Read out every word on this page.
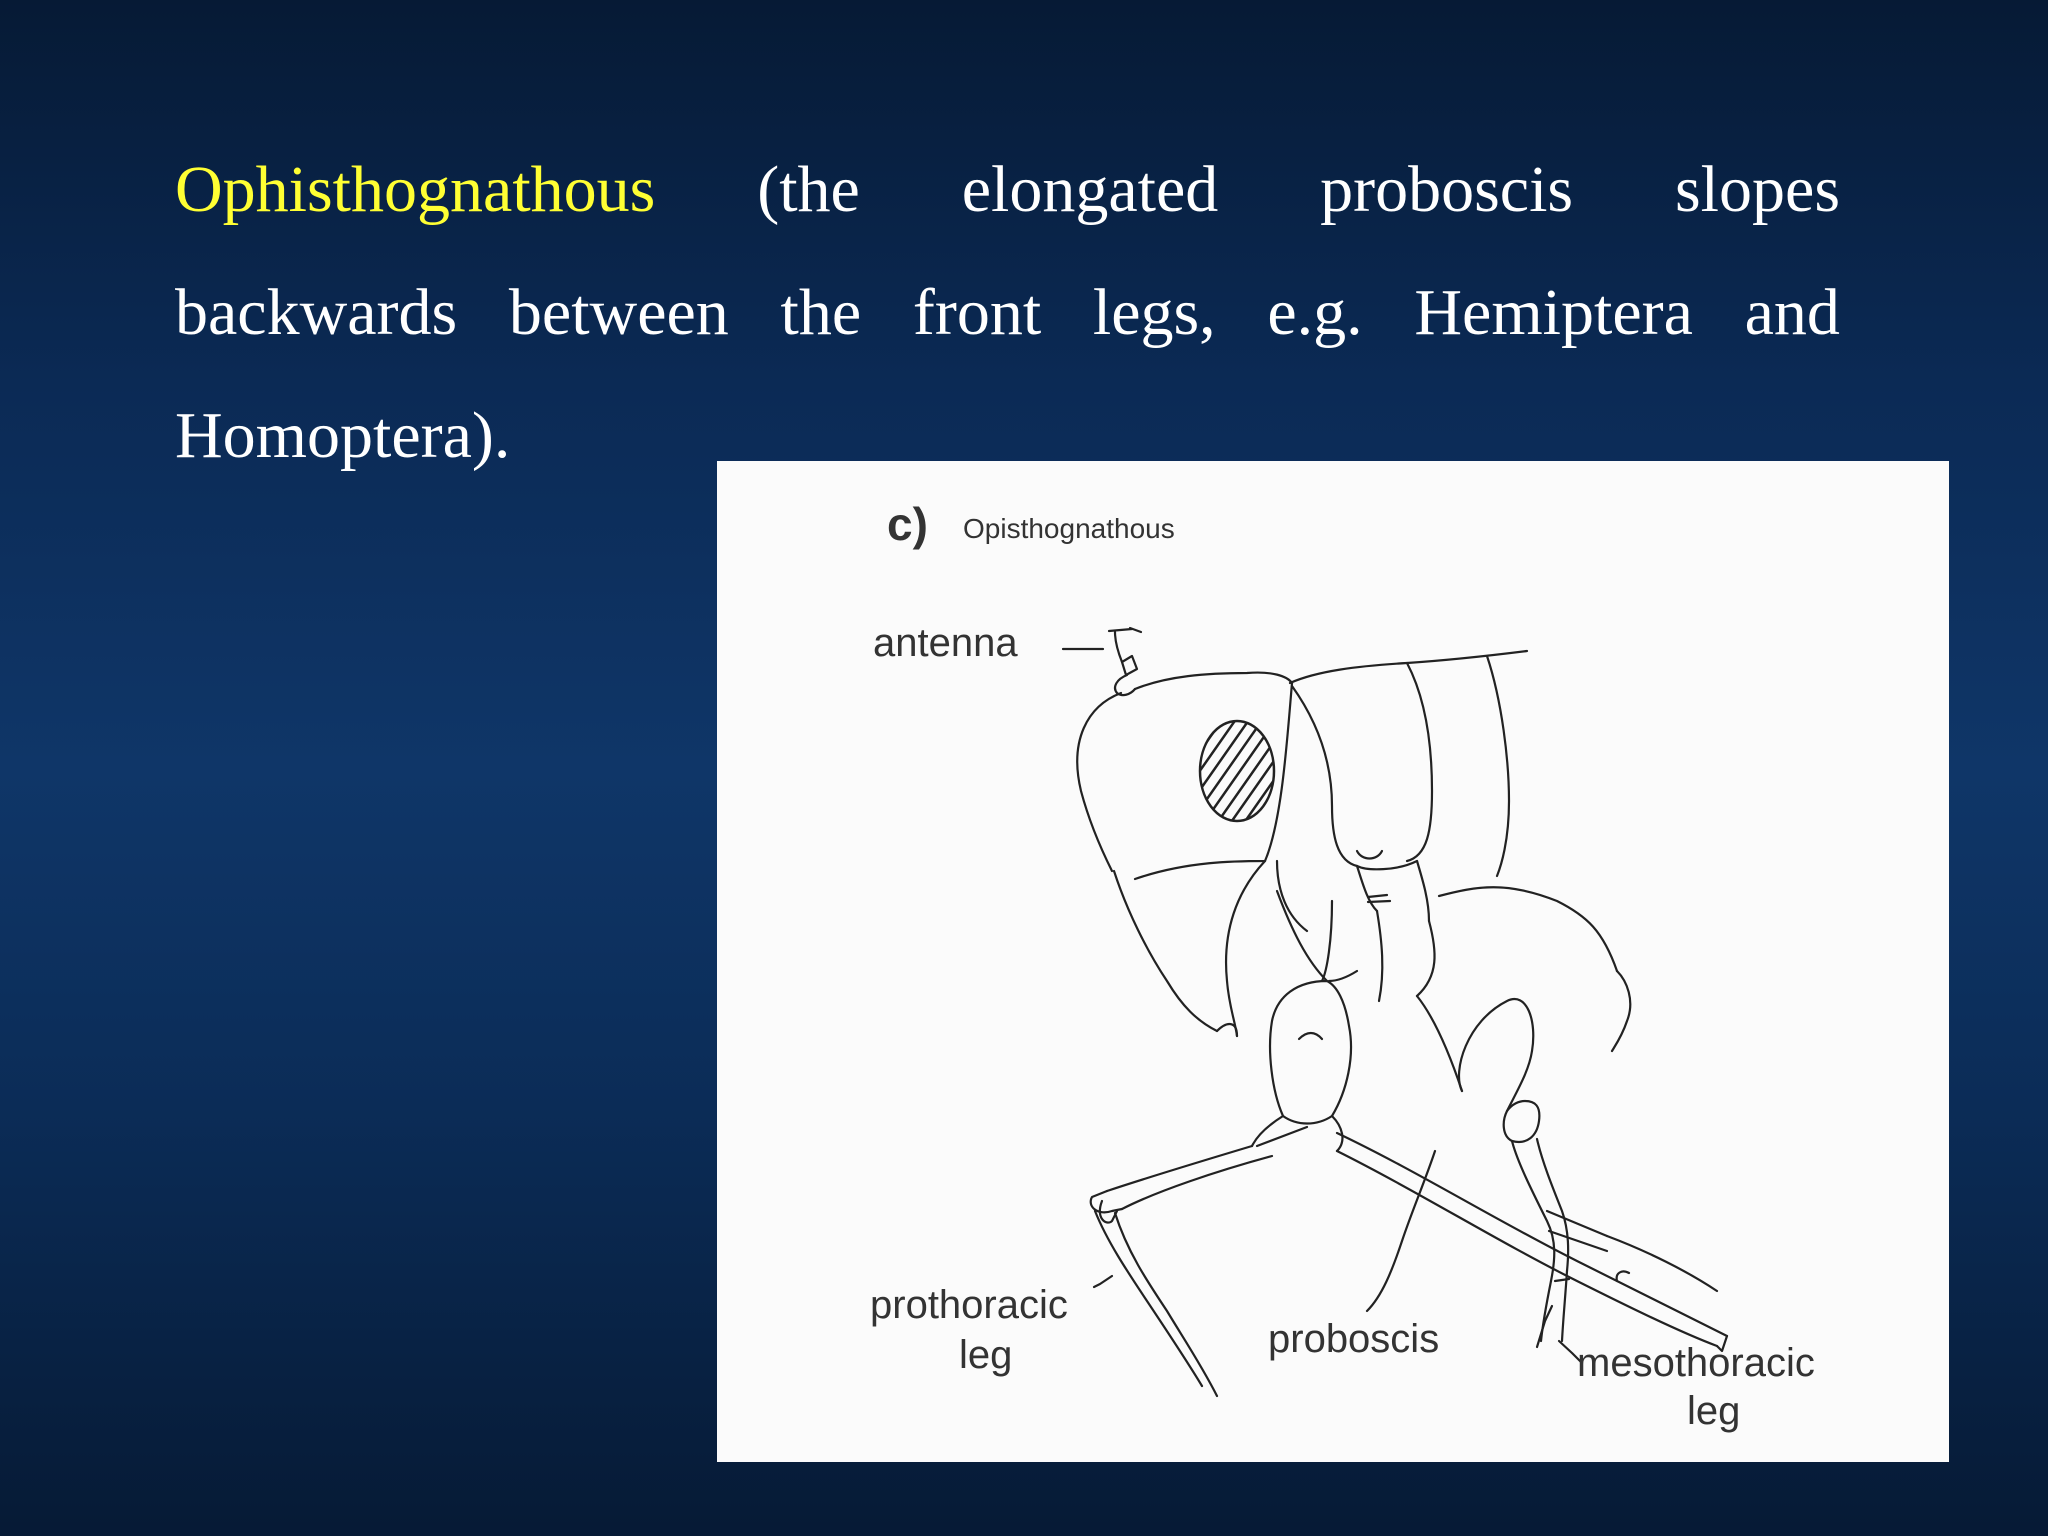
Ophisthognathous (the elongated proboscis slopes
backwards between the front legs, e.g. Hemiptera and
Homoptera).
c) Opisthognathous
antenna
prothoracic
leg	proboscis
mesothoracic
leg
